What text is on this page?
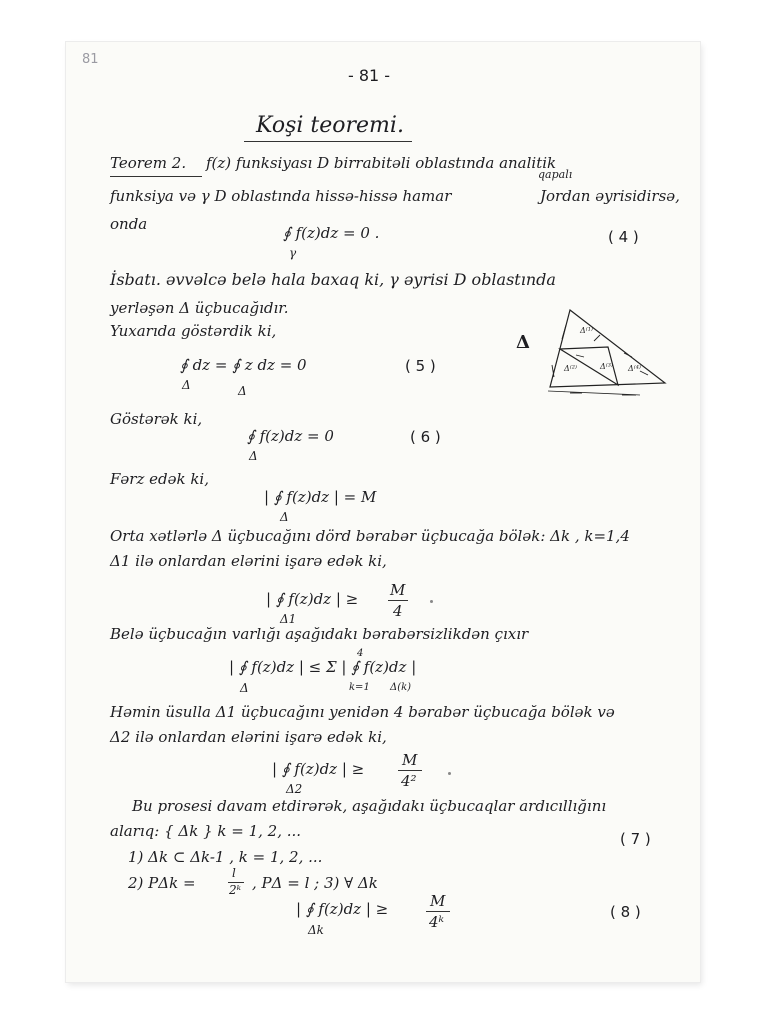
81
- 81 -
Koşi teoremi.
Teorem 2. f(z) funksiyası D birrabitəli oblastında analitik
funksiya və γ D oblastında hissə-hissə hamar
qapalı
Jordan əyrisidirsə,
onda	∮ f(z)dz = 0 .
γ
( 4 )
İsbatı. əvvəlcə belə hala baxaq ki, γ əyrisi D oblastında
yerləşən Δ üçbucağıdır.
Yuxarıda göstərdik ki,
∮ dz = ∮ z dz = 0
Δ	Δ
( 5 )
Δ
Δ⁽¹⁾
Δ⁽²⁾	Δ⁽³⁾ Δ⁽⁴⁾
Göstərək ki,
∮ f(z)dz = 0
Δ
( 6 )
Fərz edək ki,
| ∮ f(z)dz | = M
Δ
Orta xətlərlə Δ üçbucağını dörd bərabər üçbucağa bölək: Δk , k=1,4
Δ1 ilə onlardan elərini işarə edək ki,
| ∮ f(z)dz | ≥
Δ1
M
4
Belə üçbucağın varlığı aşağıdakı bərabərsizlikdən çıxır
| ∮ f(z)dz | ≤ Σ | ∮ f(z)dz |
Δ
4
k=1 Δ(k)
Həmin üsulla Δ1 üçbucağını yenidən 4 bərabər üçbucağa bölək və
Δ2 ilə onlardan elərini işarə edək ki,
| ∮ f(z)dz | ≥
Δ2
M
4²
Bu prosesi davam etdirərək, aşağıdakı üçbucaqlar ardıcıllığını
alarıq: { Δk } k = 1, 2, ...	( 7 )
1) Δk ⊂ Δk-1 , k = 1, 2, ...
2) PΔk =
l
2ᵏ , PΔ = l ; 3) ∀ Δk
| ∮ f(z)dz | ≥
Δk
M
4ᵏ
( 8 )
